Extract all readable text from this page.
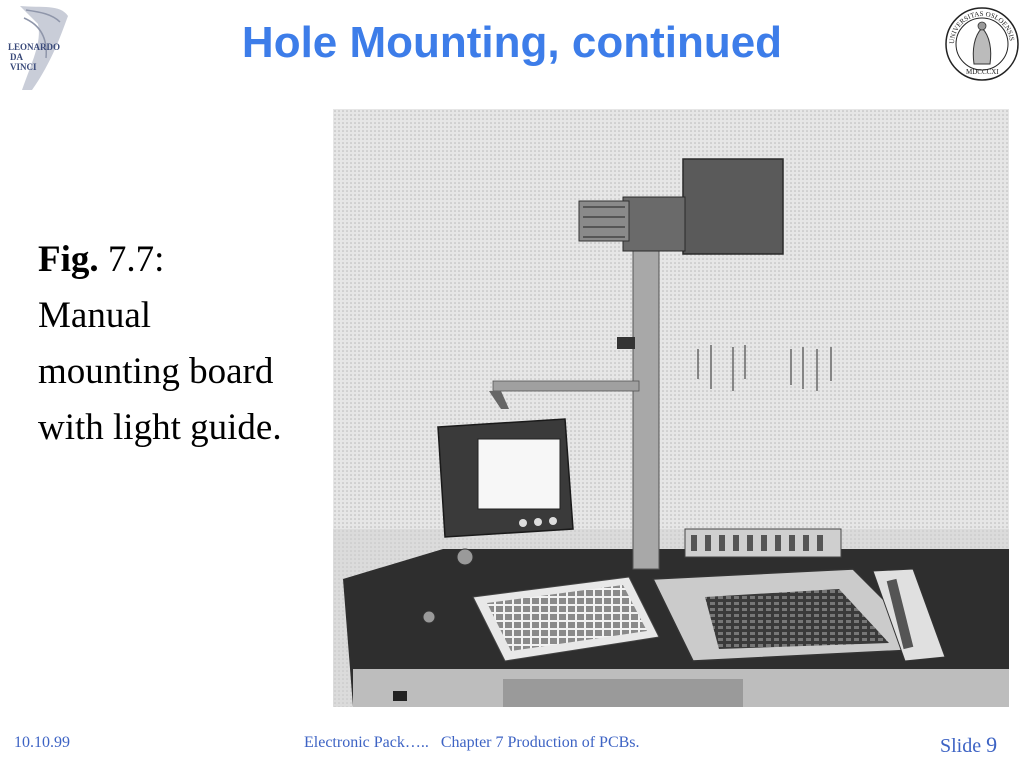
LEONARDO
DA
VINCI	Hole Mounting, continued	UNIVERSITAS OSLOENSIS
MDCCCXI
Fig. 7.7:
Manual mounting board with light guide.
10.10.99	Electronic Pack…..   Chapter 7 Production of PCBs.	Slide 9
